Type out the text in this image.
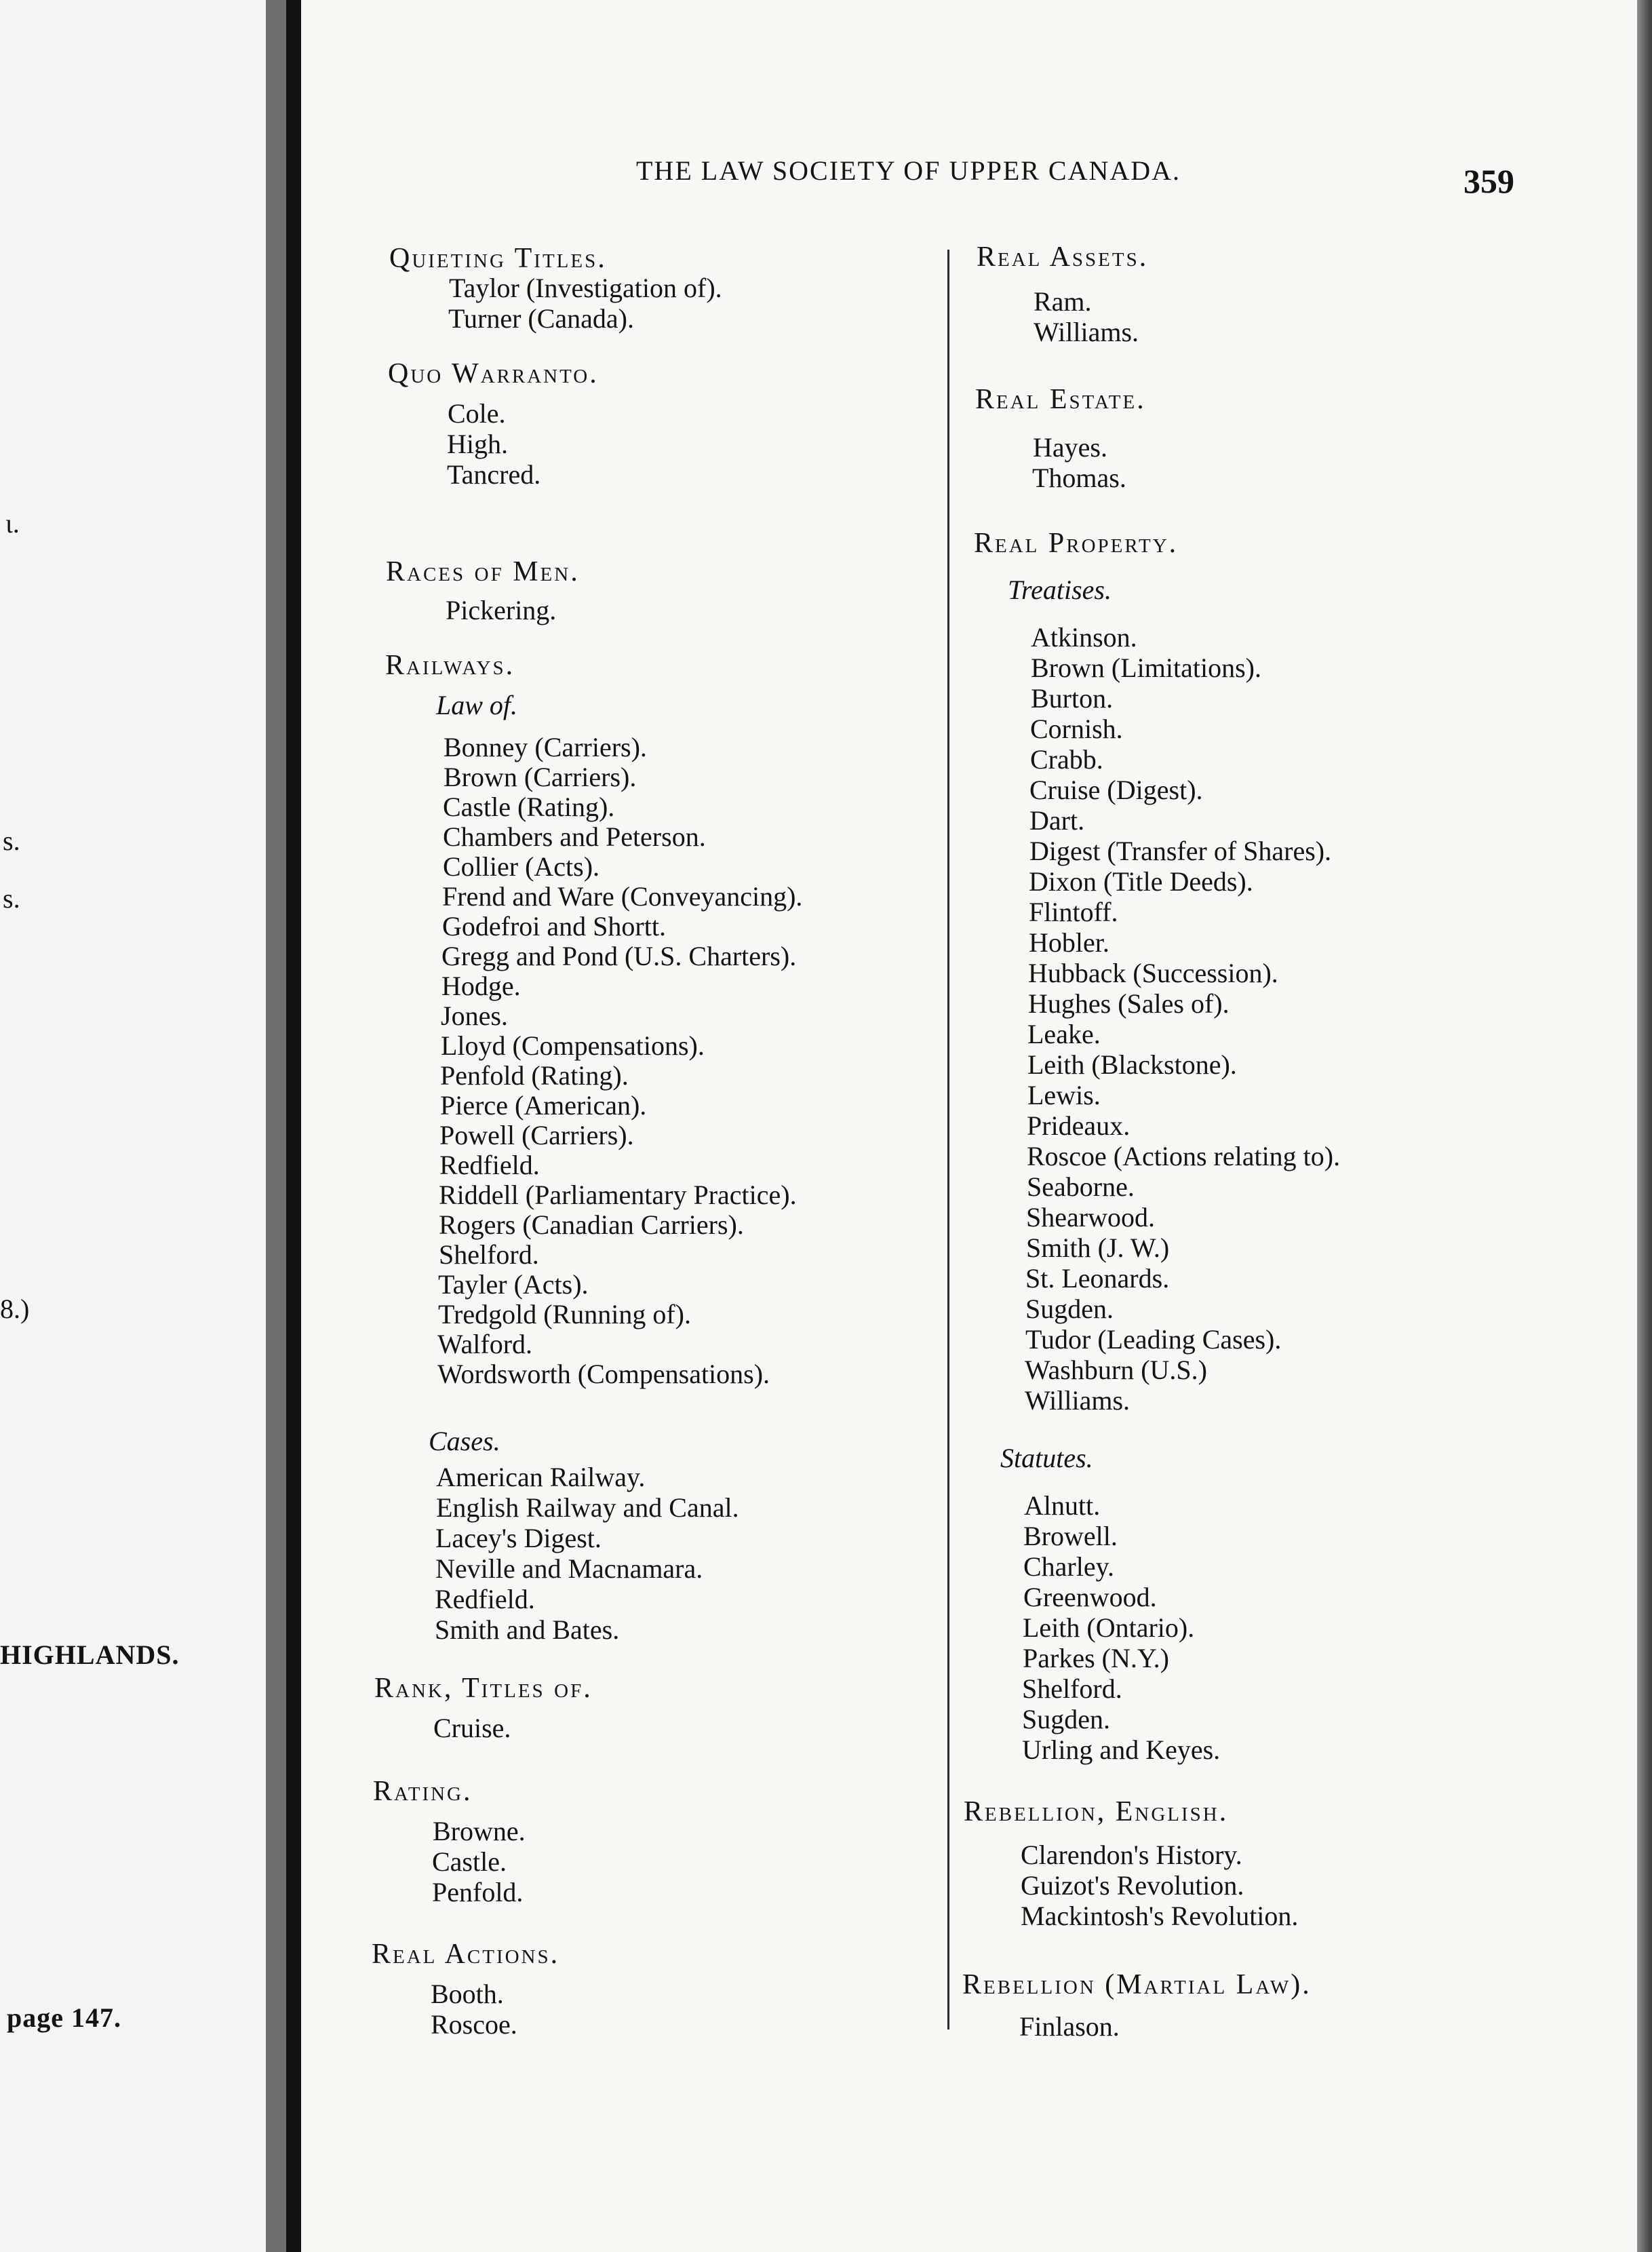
ι.
s.
s.
8.)
HIGHLANDS.
page 147.
THE LAW SOCIETY OF UPPER CANADA.	359
Quieting Titles.
Taylor (Investigation of).
Turner (Canada).
Quo Warranto.
Cole.
High.
Tancred.
Races of Men.
Pickering.
Railways.
Law of.
Bonney (Carriers).
Brown (Carriers).
Castle (Rating).
Chambers and Peterson.
Collier (Acts).
Frend and Ware (Conveyancing).
Godefroi and Shortt.
Gregg and Pond (U.S. Charters).
Hodge.
Jones.
Lloyd (Compensations).
Penfold (Rating).
Pierce (American).
Powell (Carriers).
Redfield.
Riddell (Parliamentary Practice).
Rogers (Canadian Carriers).
Shelford.
Tayler (Acts).
Tredgold (Running of).
Walford.
Wordsworth (Compensations).
Cases.
American Railway.
English Railway and Canal.
Lacey's Digest.
Neville and Macnamara.
Redfield.
Smith and Bates.
Rank, Titles of.
Cruise.
Rating.
Browne.
Castle.
Penfold.
Real Actions.
Booth.
Roscoe.
Real Assets.
Ram.
Williams.
Real Estate.
Hayes.
Thomas.
Real Property.
Treatises.
Atkinson.
Brown (Limitations).
Burton.
Cornish.
Crabb.
Cruise (Digest).
Dart.
Digest (Transfer of Shares).
Dixon (Title Deeds).
Flintoff.
Hobler.
Hubback (Succession).
Hughes (Sales of).
Leake.
Leith (Blackstone).
Lewis.
Prideaux.
Roscoe (Actions relating to).
Seaborne.
Shearwood.
Smith (J. W.)
St. Leonards.
Sugden.
Tudor (Leading Cases).
Washburn (U.S.)
Williams.
Statutes.
Alnutt.
Browell.
Charley.
Greenwood.
Leith (Ontario).
Parkes (N.Y.)
Shelford.
Sugden.
Urling and Keyes.
Rebellion, English.
Clarendon's History.
Guizot's Revolution.
Mackintosh's Revolution.
Rebellion (Martial Law).
Finlason.
